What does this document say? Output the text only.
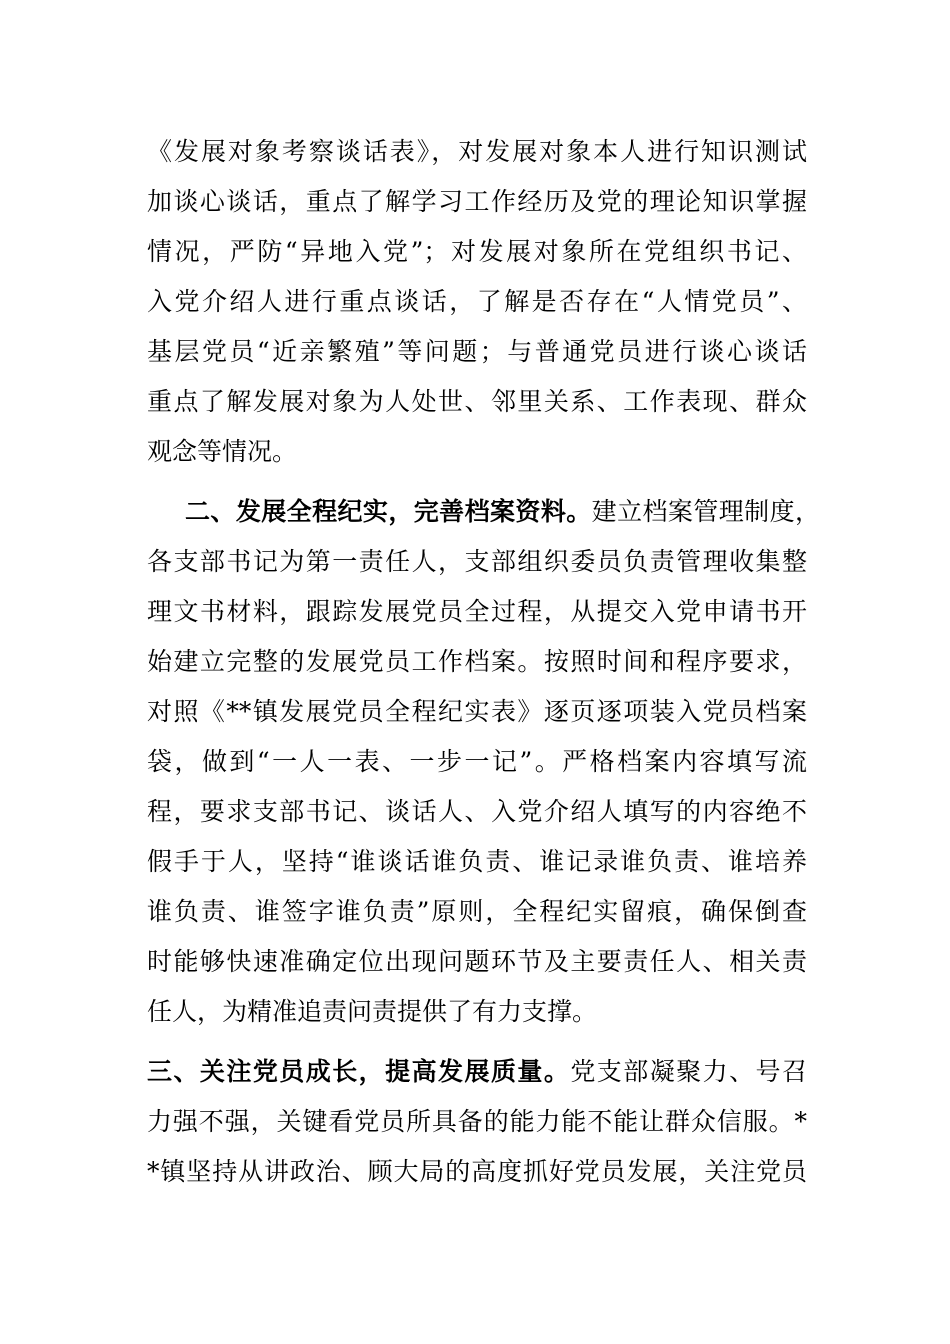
《发展对象考察谈话表》，对发展对象本人进行知识测试
加谈心谈话，重点了解学习工作经历及党的理论知识掌握
情况，严防“异地入党”；对发展对象所在党组织书记、
入党介绍人进行重点谈话，了解是否存在“人情党员”、
基层党员“近亲繁殖”等问题；与普通党员进行谈心谈话
重点了解发展对象为人处世、邻里关系、工作表现、群众
观念等情况。
二、发展全程纪实，完善档案资料。建立档案管理制度，
各支部书记为第一责任人，支部组织委员负责管理收集整
理文书材料，跟踪发展党员全过程，从提交入党申请书开
始建立完整的发展党员工作档案。按照时间和程序要求，
对照《**镇发展党员全程纪实表》逐页逐项装入党员档案
袋，做到“一人一表、一步一记”。严格档案内容填写流
程，要求支部书记、谈话人、入党介绍人填写的内容绝不
假手于人，坚持“谁谈话谁负责、谁记录谁负责、谁培养
谁负责、谁签字谁负责”原则，全程纪实留痕，确保倒查
时能够快速准确定位出现问题环节及主要责任人、相关责
任人，为精准追责问责提供了有力支撑。
三、关注党员成长，提高发展质量。党支部凝聚力、号召
力强不强，关键看党员所具备的能力能不能让群众信服。*
*镇坚持从讲政治、顾大局的高度抓好党员发展，关注党员
